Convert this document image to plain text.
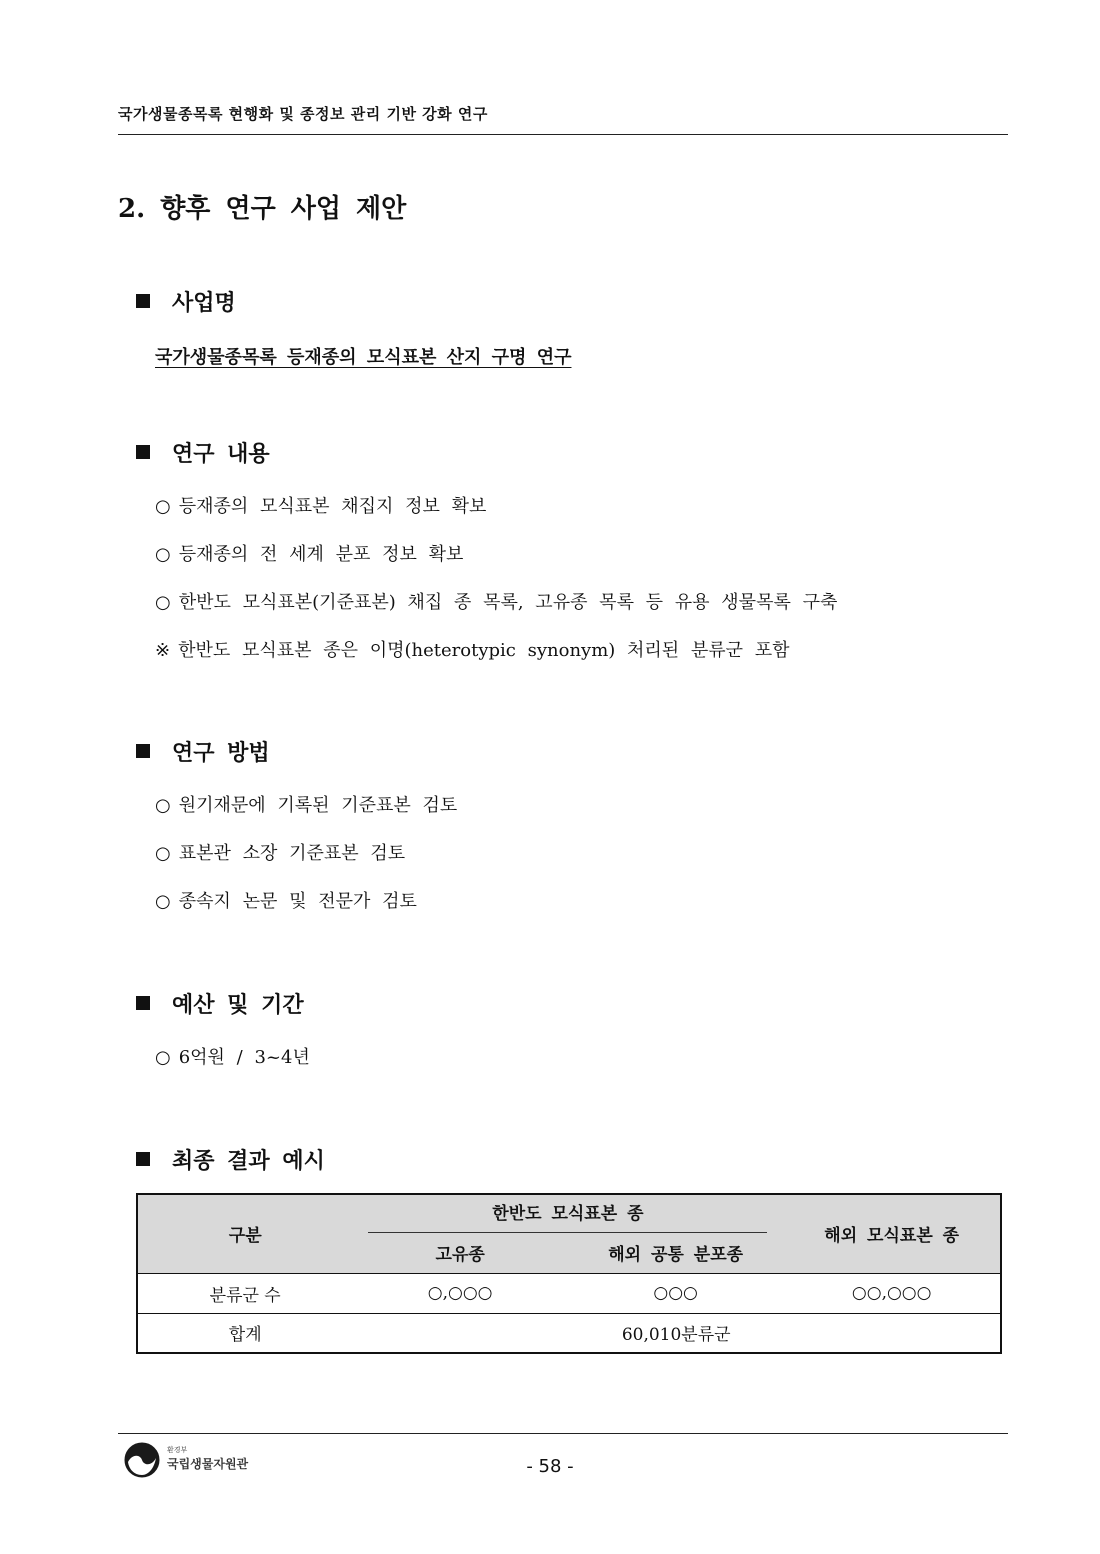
국가생물종목록 현행화 및 종정보 관리 기반 강화 연구
2. 향후 연구 사업 제안
사업명
국가생물종목록 등재종의 모식표본 산지 구명 연구
연구 내용
○ 등재종의 모식표본 채집지 정보 확보
○ 등재종의 전 세계 분포 정보 확보
○ 한반도 모식표본(기준표본) 채집 종 목록, 고유종 목록 등 유용 생물목록 구축
※ 한반도 모식표본 종은 이명(heterotypic synonym) 처리된 분류군 포함
연구 방법
○ 원기재문에 기록된 기준표본 검토
○ 표본관 소장 기준표본 검토
○ 종속지 논문 및 전문가 검토
예산 및 기간
○ 6억원 / 3~4년
최종 결과 예시
구분	한반도 모식표본 종		해외 모식표본 종
	고유종	해외 공통 분포종	
분류군 수	○,○○○	○○○	○○,○○○
합계	60,010분류군		
환경부
국립생물자원관	- 58 -
